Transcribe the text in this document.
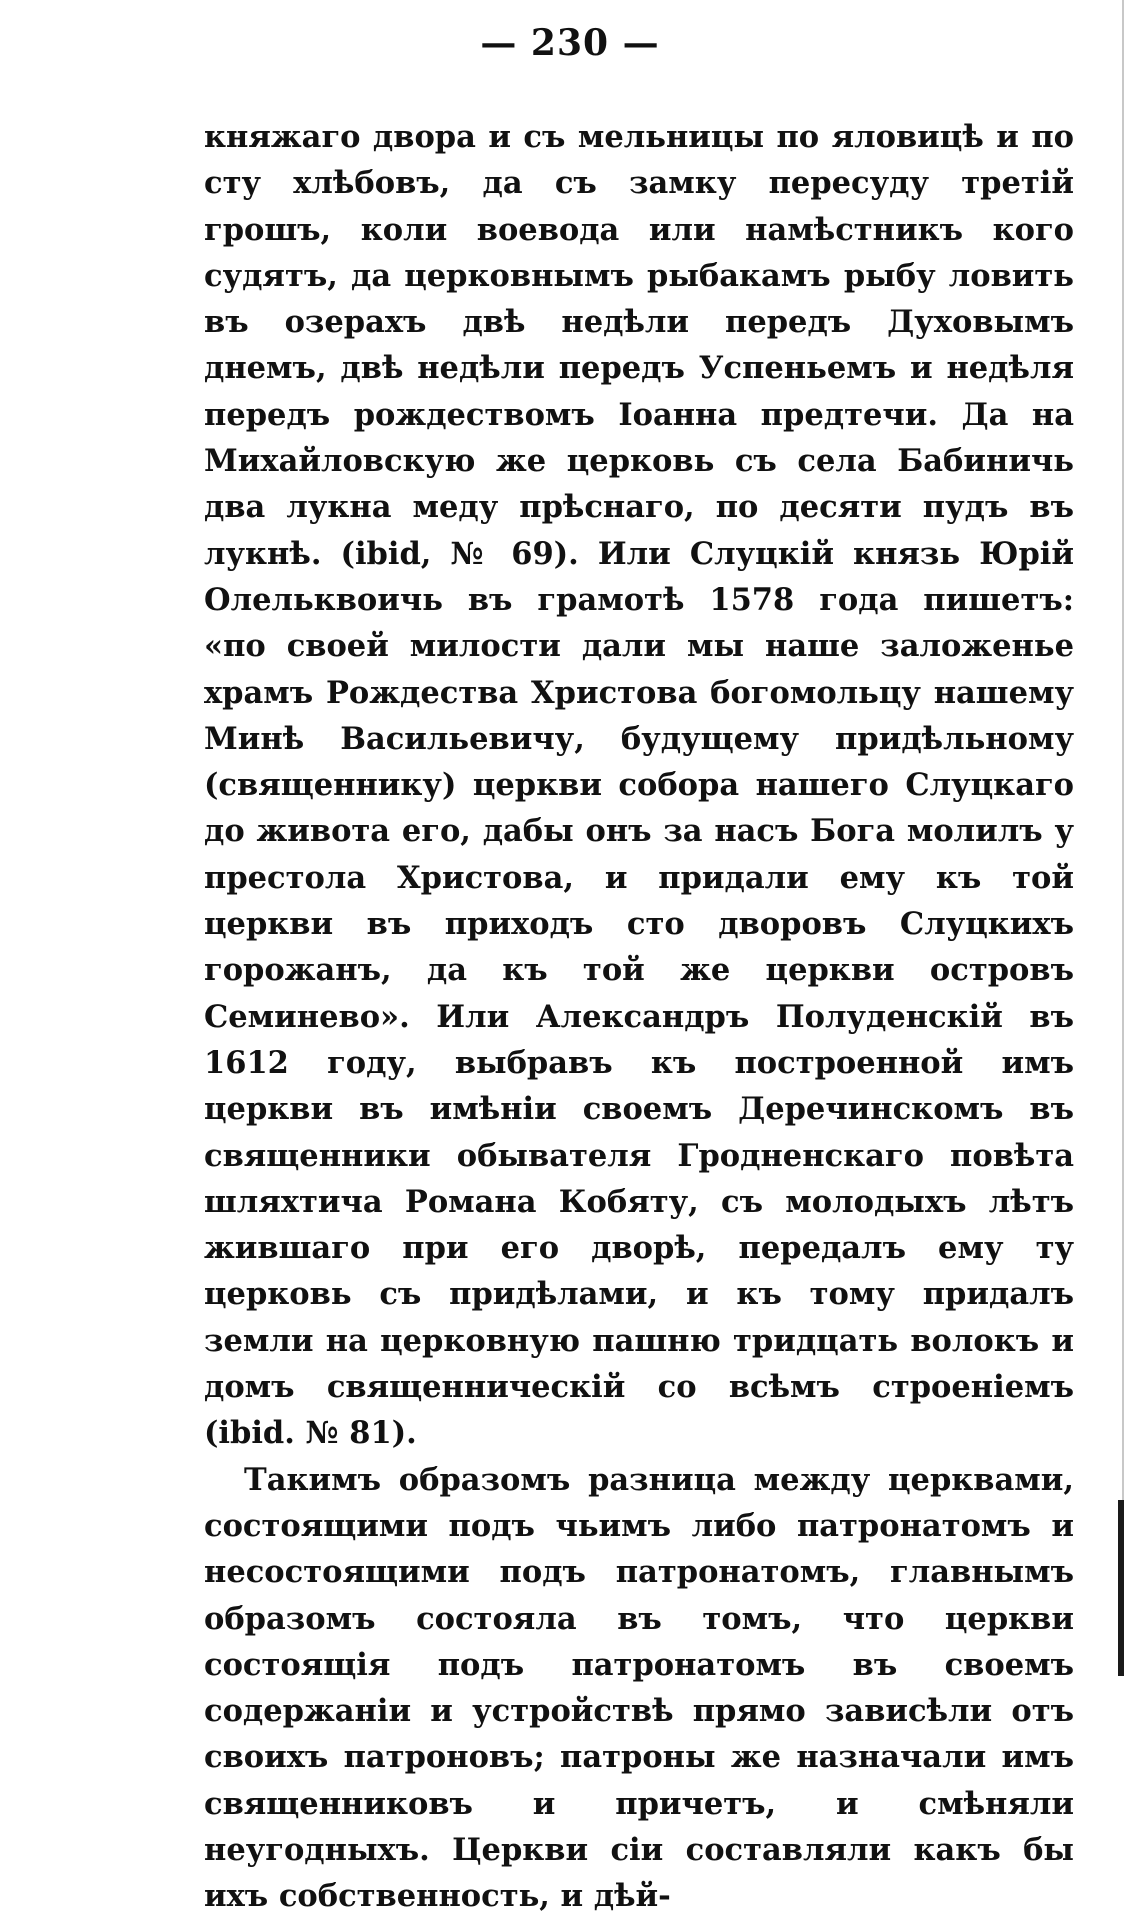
— 230 —

княжаго двора и съ мельницы по яловицѣ и по сту хлѣбовъ, да съ замку пересуду третій грошъ, коли воевода или намѣстникъ кого судятъ, да церковнымъ рыбакамъ рыбу ловить въ озерахъ двѣ недѣли передъ Духовымъ днемъ, двѣ недѣли передъ Успеньемъ и недѣля передъ рождествомъ Іоанна предтечи. Да на Михайловскую же церковь съ села Бабиничь два лукна меду прѣснаго, по десяти пудъ въ лукнѣ. (ibid, № 69). Или Слуцкій князь Юрій Олельквоичь въ грамотѣ 1578 года пишетъ: «по своей милости дали мы наше заложенье храмъ Рождества Христова богомольцу нашему Минѣ Васильевичу, будущему придѣльному (священнику) церкви собора нашего Слуцкаго до живота его, дабы онъ за насъ Бога молилъ у престола Христова, и придали ему къ той церкви въ приходъ сто дворовъ Слуцкихъ горожанъ, да къ той же церкви островъ Семинево». Или Александръ Полуденскій въ 1612 году, выбравъ къ построенной имъ церкви въ имѣніи своемъ Деречинскомъ въ священники обывателя Гродненскаго повѣта шляхтича Романа Кобяту, съ молодыхъ лѣтъ жившаго при его дворѣ, передалъ ему ту церковь съ придѣлами, и къ тому придалъ земли на церковную пашню тридцать волокъ и домъ священническій со всѣмъ строеніемъ (ibid. № 81).

Такимъ образомъ разница между церквами, состоящими подъ чьимъ либо патронатомъ и несостоящими подъ патронатомъ, главнымъ образомъ состояла въ томъ, что церкви состоящія подъ патронатомъ въ своемъ содержаніи и устройствѣ прямо зависѣли отъ своихъ патроновъ; патроны же назначали имъ священниковъ и причетъ, и смѣняли неугодныхъ. Церкви сіи составляли какъ бы ихъ собственность, и дѣй-
